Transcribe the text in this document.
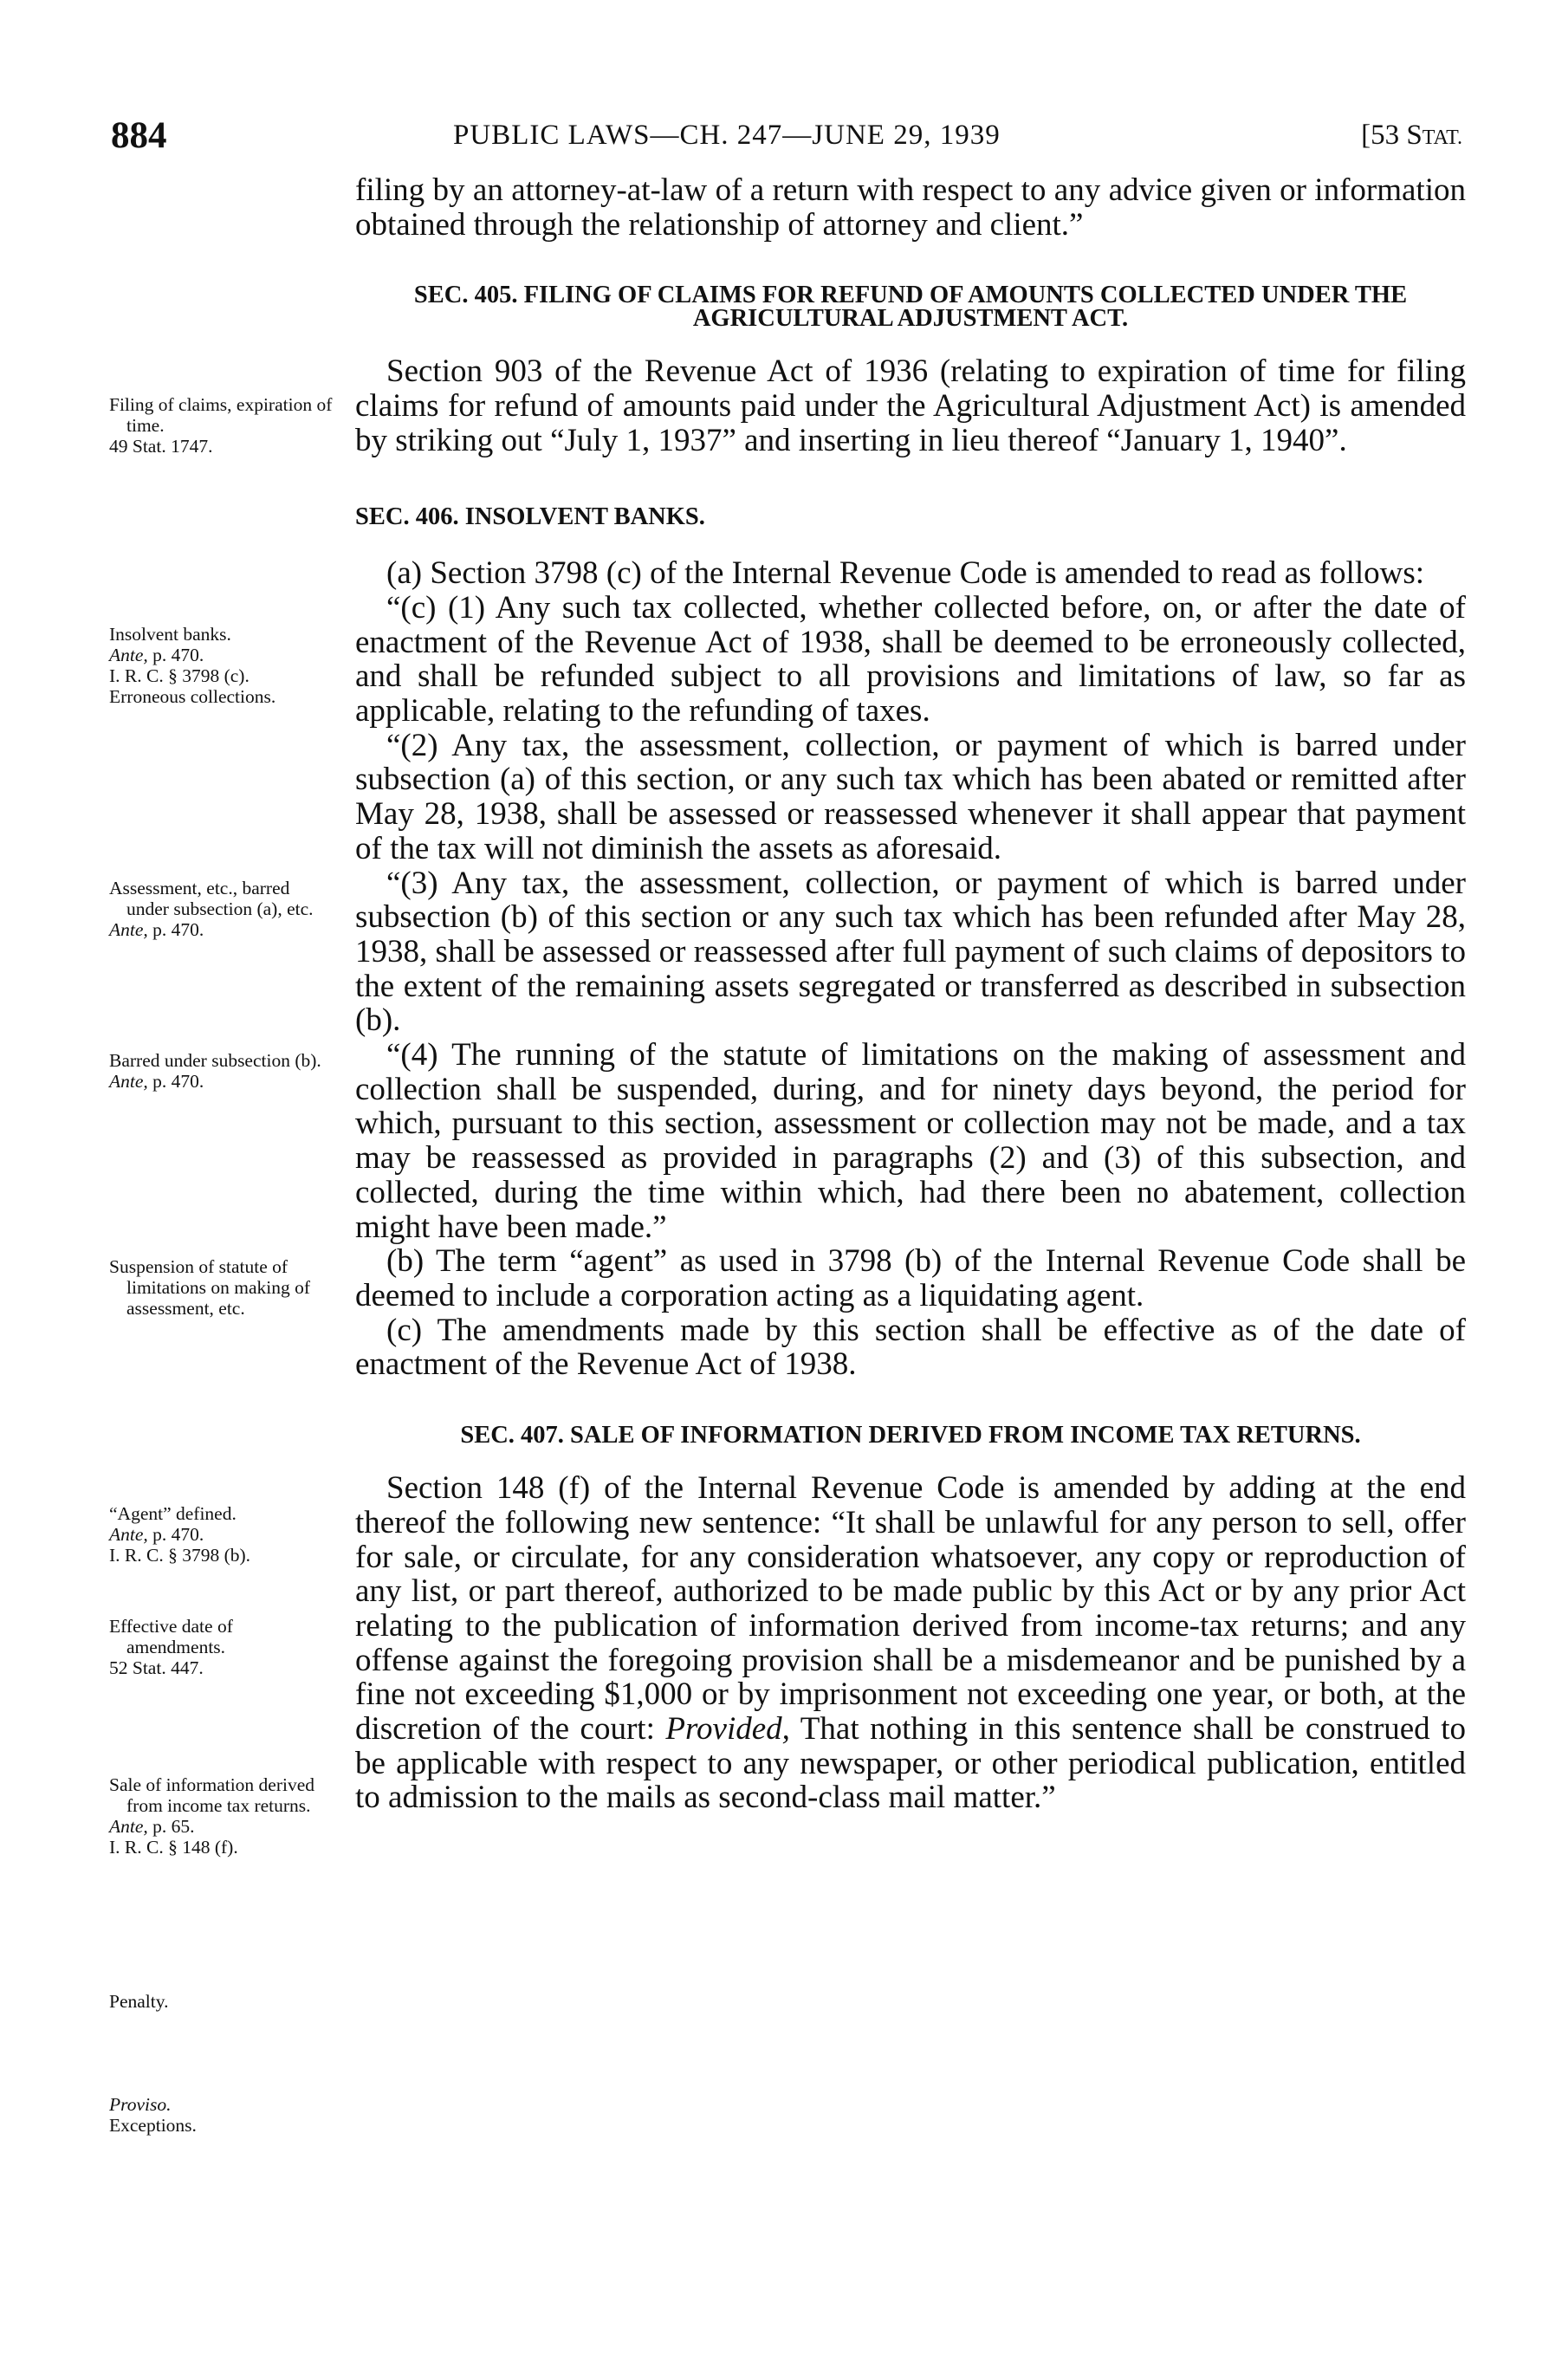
884	PUBLIC LAWS—CH. 247—JUNE 29, 1939	[53 STAT.
Filing of claims, expiration of time.
49 Stat. 1747.
Insolvent banks.
Ante, p. 470.
I. R. C. § 3798 (c).
Erroneous collections.
Assessment, etc., barred under subsection (a), etc.
Ante, p. 470.
Barred under subsection (b).
Ante, p. 470.
Suspension of statute of limitations on making of assessment, etc.
“Agent” defined.
Ante, p. 470.
I. R. C. § 3798 (b).
Effective date of amendments.
52 Stat. 447.
Sale of information derived from income tax returns.
Ante, p. 65.
I. R. C. § 148 (f).
Penalty.
Proviso.
Exceptions.

filing by an attorney-at-law of a return with respect to any advice given or information obtained through the relationship of attorney and client.”

SEC. 405. FILING OF CLAIMS FOR REFUND OF AMOUNTS COLLECTED UNDER THE AGRICULTURAL ADJUSTMENT ACT.

Section 903 of the Revenue Act of 1936 (relating to expiration of time for filing claims for refund of amounts paid under the Agricultural Adjustment Act) is amended by striking out “July 1, 1937” and inserting in lieu thereof “January 1, 1940”.

SEC. 406. INSOLVENT BANKS.

(a) Section 3798 (c) of the Internal Revenue Code is amended to read as follows:

“(c) (1) Any such tax collected, whether collected before, on, or after the date of enactment of the Revenue Act of 1938, shall be deemed to be erroneously collected, and shall be refunded subject to all provisions and limitations of law, so far as applicable, relating to the refunding of taxes.

“(2) Any tax, the assessment, collection, or payment of which is barred under subsection (a) of this section, or any such tax which has been abated or remitted after May 28, 1938, shall be assessed or reassessed whenever it shall appear that payment of the tax will not diminish the assets as aforesaid.

“(3) Any tax, the assessment, collection, or payment of which is barred under subsection (b) of this section or any such tax which has been refunded after May 28, 1938, shall be assessed or reassessed after full payment of such claims of depositors to the extent of the remaining assets segregated or transferred as described in subsection (b).

“(4) The running of the statute of limitations on the making of assessment and collection shall be suspended, during, and for ninety days beyond, the period for which, pursuant to this section, assessment or collection may not be made, and a tax may be reassessed as provided in paragraphs (2) and (3) of this subsection, and collected, during the time within which, had there been no abatement, collection might have been made.”

(b) The term “agent” as used in 3798 (b) of the Internal Revenue Code shall be deemed to include a corporation acting as a liquidating agent.

(c) The amendments made by this section shall be effective as of the date of enactment of the Revenue Act of 1938.

SEC. 407. SALE OF INFORMATION DERIVED FROM INCOME TAX RETURNS.

Section 148 (f) of the Internal Revenue Code is amended by adding at the end thereof the following new sentence: “It shall be unlawful for any person to sell, offer for sale, or circulate, for any consideration whatsoever, any copy or reproduction of any list, or part thereof, authorized to be made public by this Act or by any prior Act relating to the publication of information derived from income-tax returns; and any offense against the foregoing provision shall be a misdemeanor and be punished by a fine not exceeding $1,000 or by imprisonment not exceeding one year, or both, at the discretion of the court: Provided, That nothing in this sentence shall be construed to be applicable with respect to any newspaper, or other periodical publication, entitled to admission to the mails as second-class mail matter.”
